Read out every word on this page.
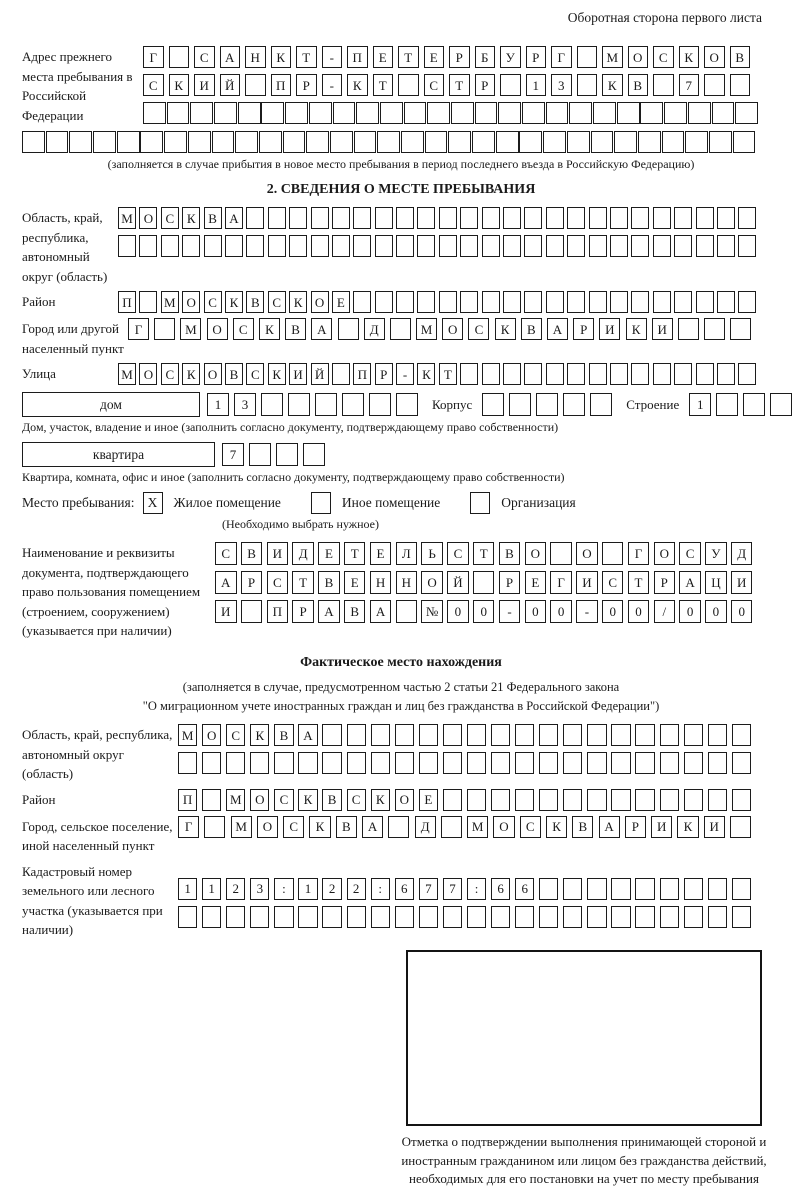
Оборотная сторона первого листа
Адрес прежнего места пребывания в Российской Федерации
Г	С	А	Н	К	Т	-	П	Е	Т	Е	Р	Б	У	Р	Г	М	О	С	К	О	В
С	К	И	Й	П	Р	-	К	Т	С	Т	Р	1	3	К	В	7
(заполняется в случае прибытия в новое место пребывания в период последнего въезда в Российскую Федерацию)
2. СВЕДЕНИЯ О МЕСТЕ ПРЕБЫВАНИЯ
Область, край, республика, автономный округ (область)
М О С К В А
Район	П	М О С К В С К О Е
Город или другой населенный пункт
Г	М	О	С	К	В	А	Д	М	О	С	К	В	А	Р	И	К	И
Улица	М О С К О В С К И Й	П	Р	-	К	Т
дом	1	3	Корпус	Строение	1
Дом, участок, владение и иное (заполнить согласно документу, подтверждающему право собственности)
квартира	7
Квартира, комната, офис и иное (заполнить согласно документу, подтверждающему право собственности)
Место пребывания: X	Жилое помещение	Иное помещение	Организация
(Необходимо выбрать нужное)
Наименование и реквизиты документа, подтверждающего право пользования помещением (строением, сооружением) (указывается при наличии)
С	В	И	Д	Е	Т	Е	Л	Ь	С	Т	В	О	О	Г	О	С	У	Д
А	Р	С	Т	В	Е	Н	Н	О	Й	Р	Е	Г	И	С	Т	Р	А	Ц	И
И	П	Р	А	В	А	№	0	0	-	0	0	-	0	0	/	0	0	0
Фактическое место нахождения
(заполняется в случае, предусмотренном частью 2 статьи 21 Федерального закона
"О миграционном учете иностранных граждан и лиц без гражданства в Российской Федерации")
Область, край, республика, автономный округ (область)
М	О	С	К	В	А
Район	П	М	О	С	К	В	С	К	О	Е
Город, сельское поселение, иной населенный пункт
Г	М	О	С	К	В	А	Д	М	О	С	К	В	А	Р	И	К	И
Кадастровый номер земельного или лесного участка (указывается при наличии)
1	1	2	3	:	1	2	2	:	6	7	7	:	6	6
Отметка о подтверждении выполнения принимающей стороной и иностранным гражданином или лицом без гражданства действий, необходимых для его постановки на учет по месту пребывания
